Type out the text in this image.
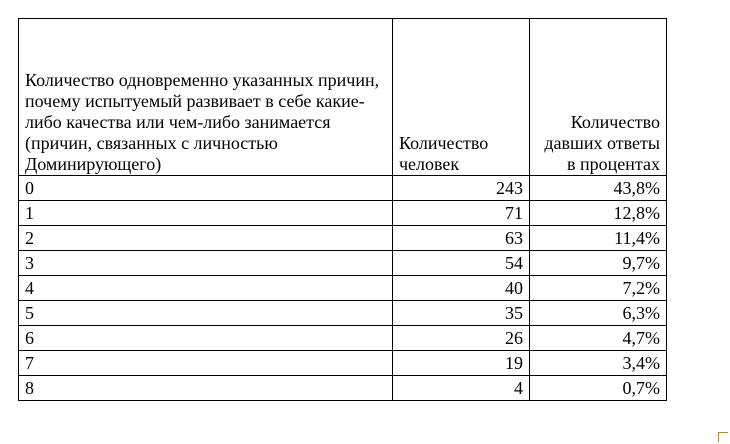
Количество одновременно указанных причин, почему испытуемый развивает в себе какие-либо качества или чем-либо занимается (причин, связанных с личностью Доминирующего)	Количество человек	Количество давших ответы в процентах
0	243	43,8%
1	71	12,8%
2	63	11,4%
3	54	9,7%
4	40	7,2%
5	35	6,3%
6	26	4,7%
7	19	3,4%
8	4	0,7%
